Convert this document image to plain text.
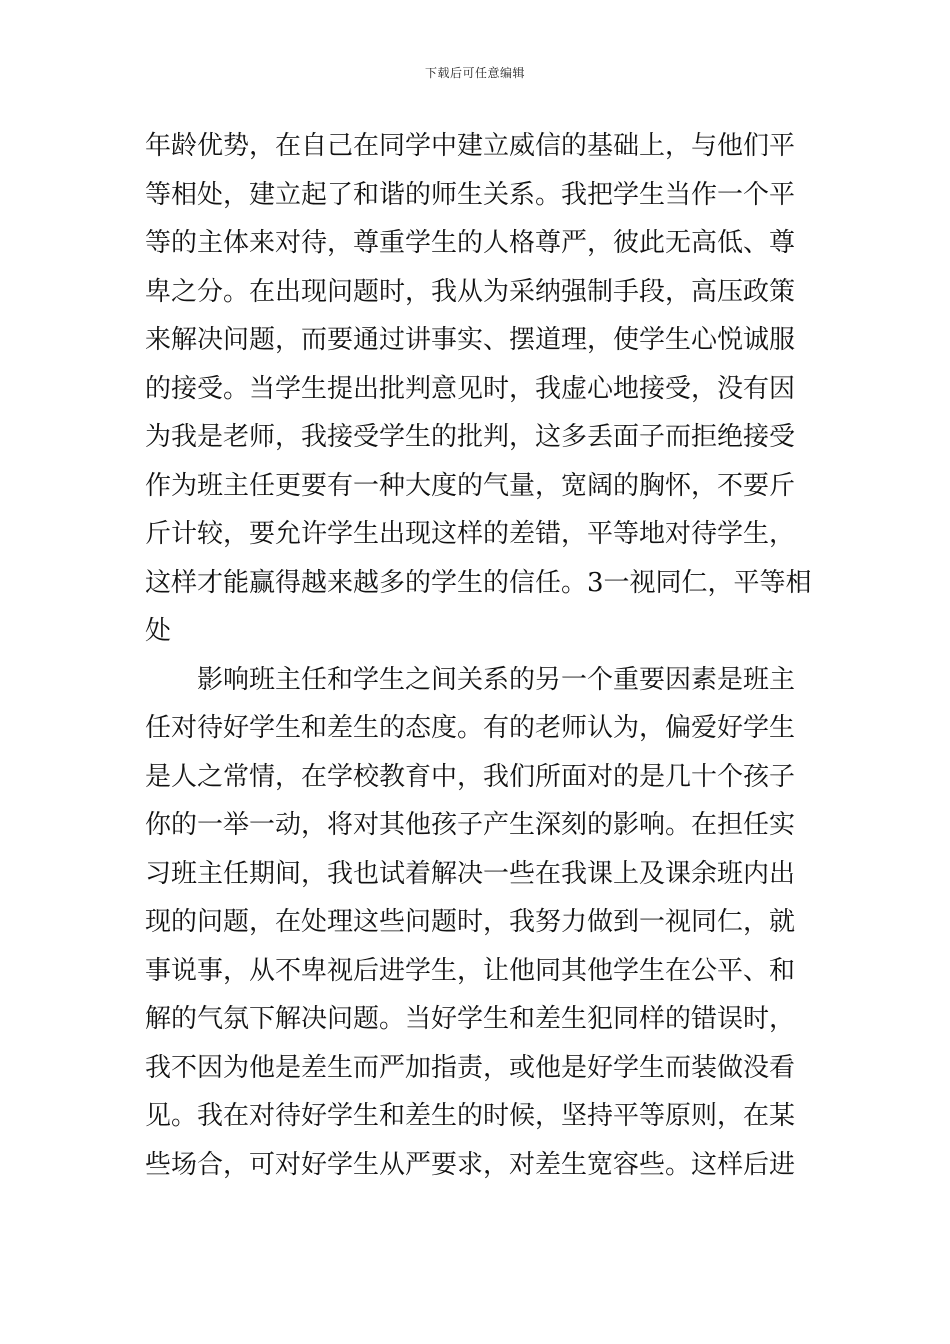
下载后可任意编辑
年龄优势，在自己在同学中建立威信的基础上，与他们平
等相处，建立起了和谐的师生关系。我把学生当作一个平
等的主体来对待，尊重学生的人格尊严，彼此无高低、尊
卑之分。在出现问题时，我从为采纳强制手段，高压政策
来解决问题，而要通过讲事实、摆道理，使学生心悦诚服
的接受。当学生提出批判意见时，我虚心地接受，没有因
为我是老师，我接受学生的批判，这多丢面子而拒绝接受
作为班主任更要有一种大度的气量，宽阔的胸怀，不要斤
斤计较，要允许学生出现这样的差错，平等地对待学生，
这样才能赢得越来越多的学生的信任。3一视同仁，平等相
处
影响班主任和学生之间关系的另一个重要因素是班主
任对待好学生和差生的态度。有的老师认为，偏爱好学生
是人之常情，在学校教育中，我们所面对的是几十个孩子
你的一举一动，将对其他孩子产生深刻的影响。在担任实
习班主任期间，我也试着解决一些在我课上及课余班内出
现的问题，在处理这些问题时，我努力做到一视同仁，就
事说事，从不卑视后进学生，让他同其他学生在公平、和
解的气氛下解决问题。当好学生和差生犯同样的错误时，
我不因为他是差生而严加指责，或他是好学生而装做没看
见。我在对待好学生和差生的时候，坚持平等原则，在某
些场合，可对好学生从严要求，对差生宽容些。这样后进
